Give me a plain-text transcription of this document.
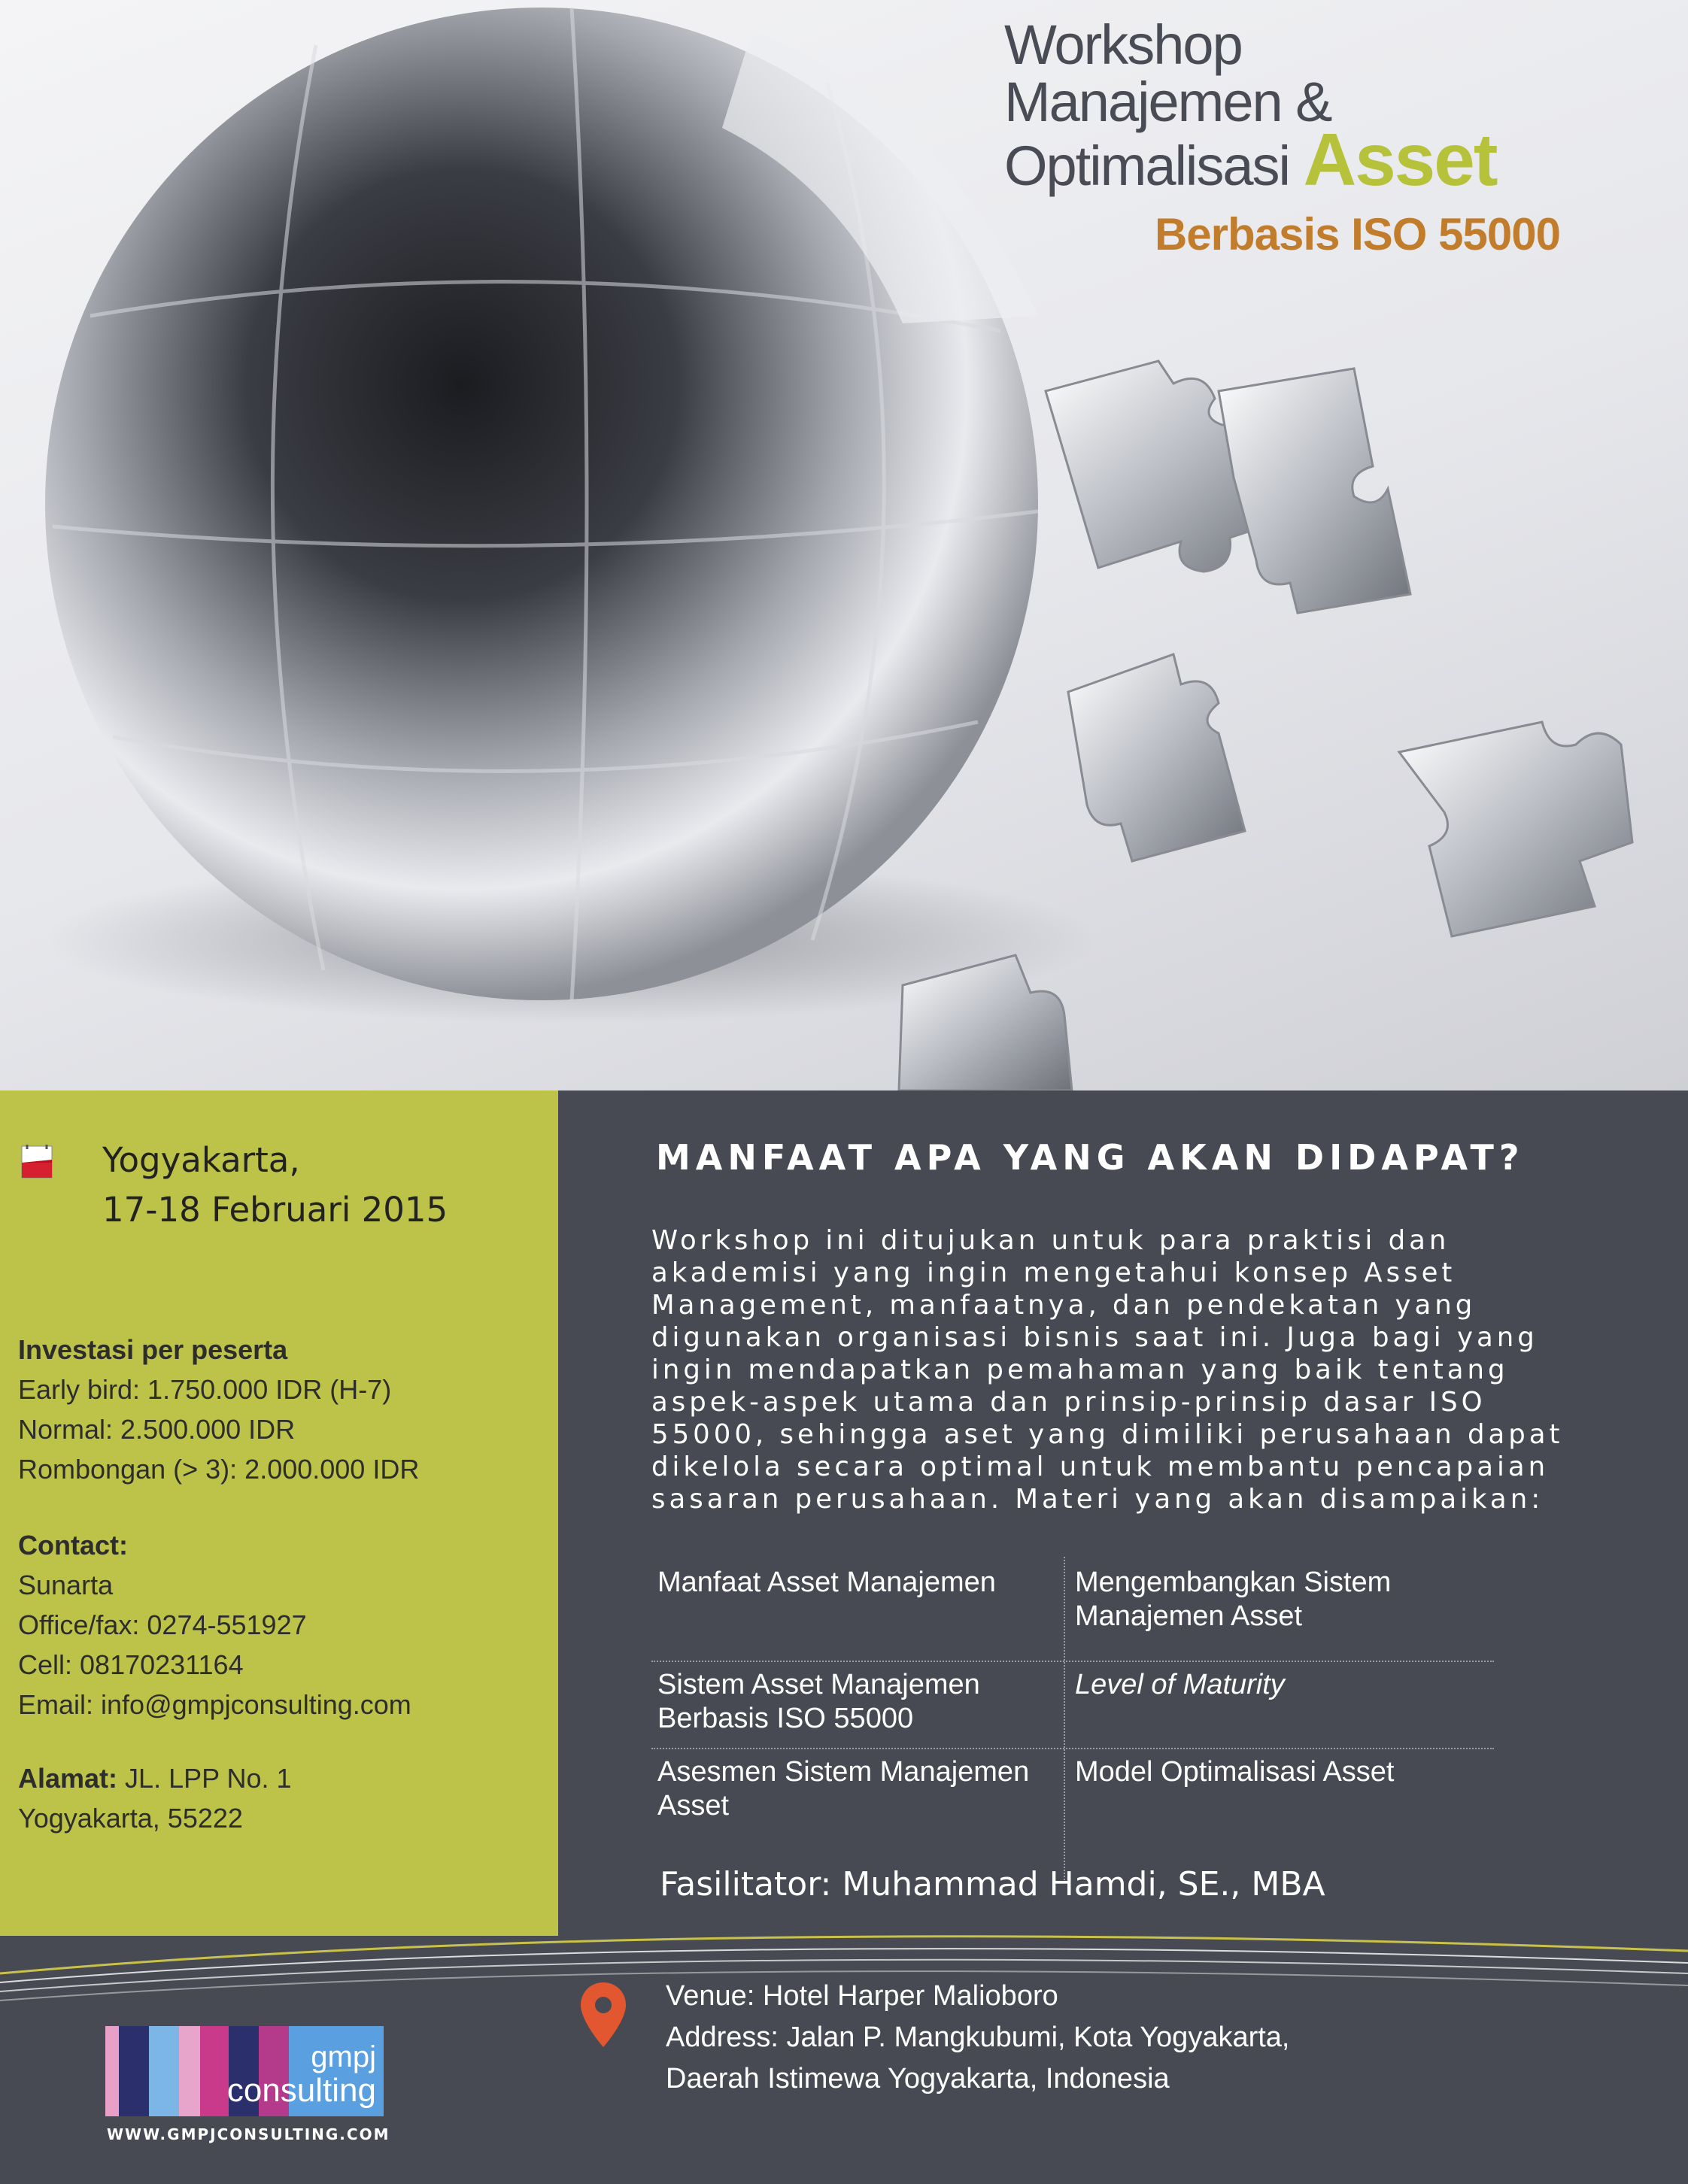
Workshop
Manajemen &
Optimalisasi Asset
Berbasis ISO 55000
Yogyakarta,
17-18 Februari 2015
Investasi per peserta
Early bird: 1.750.000 IDR (H-7)
Normal: 2.500.000 IDR
Rombongan (> 3): 2.000.000 IDR
Contact:
Sunarta
Office/fax: 0274-551927
Cell: 08170231164
Email: info@gmpjconsulting.com
Alamat: JL. LPP No. 1
Yogyakarta, 55222
MANFAAT APA YANG AKAN DIDAPAT?
Workshop ini ditujukan untuk para praktisi dan akademisi yang ingin mengetahui konsep Asset Management, manfaatnya, dan pendekatan yang digunakan organisasi bisnis saat ini. Juga bagi yang ingin mendapatkan pemahaman yang baik tentang aspek-aspek utama dan prinsip-prinsip dasar ISO 55000, sehingga aset yang dimiliki perusahaan dapat dikelola secara optimal untuk membantu pencapaian sasaran perusahaan. Materi yang akan disampaikan:
Manfaat Asset Manajemen	Mengembangkan Sistem Manajemen Asset
Sistem Asset Manajemen Berbasis ISO 55000
Level of Maturity
Asesmen Sistem Manajemen Asset
Model Optimalisasi Asset
Fasilitator: Muhammad Hamdi, SE., MBA
gmpj
consulting
WWW.GMPJCONSULTING.COM
Venue: Hotel Harper Malioboro
Address: Jalan P. Mangkubumi, Kota Yogyakarta,
Daerah Istimewa Yogyakarta, Indonesia
